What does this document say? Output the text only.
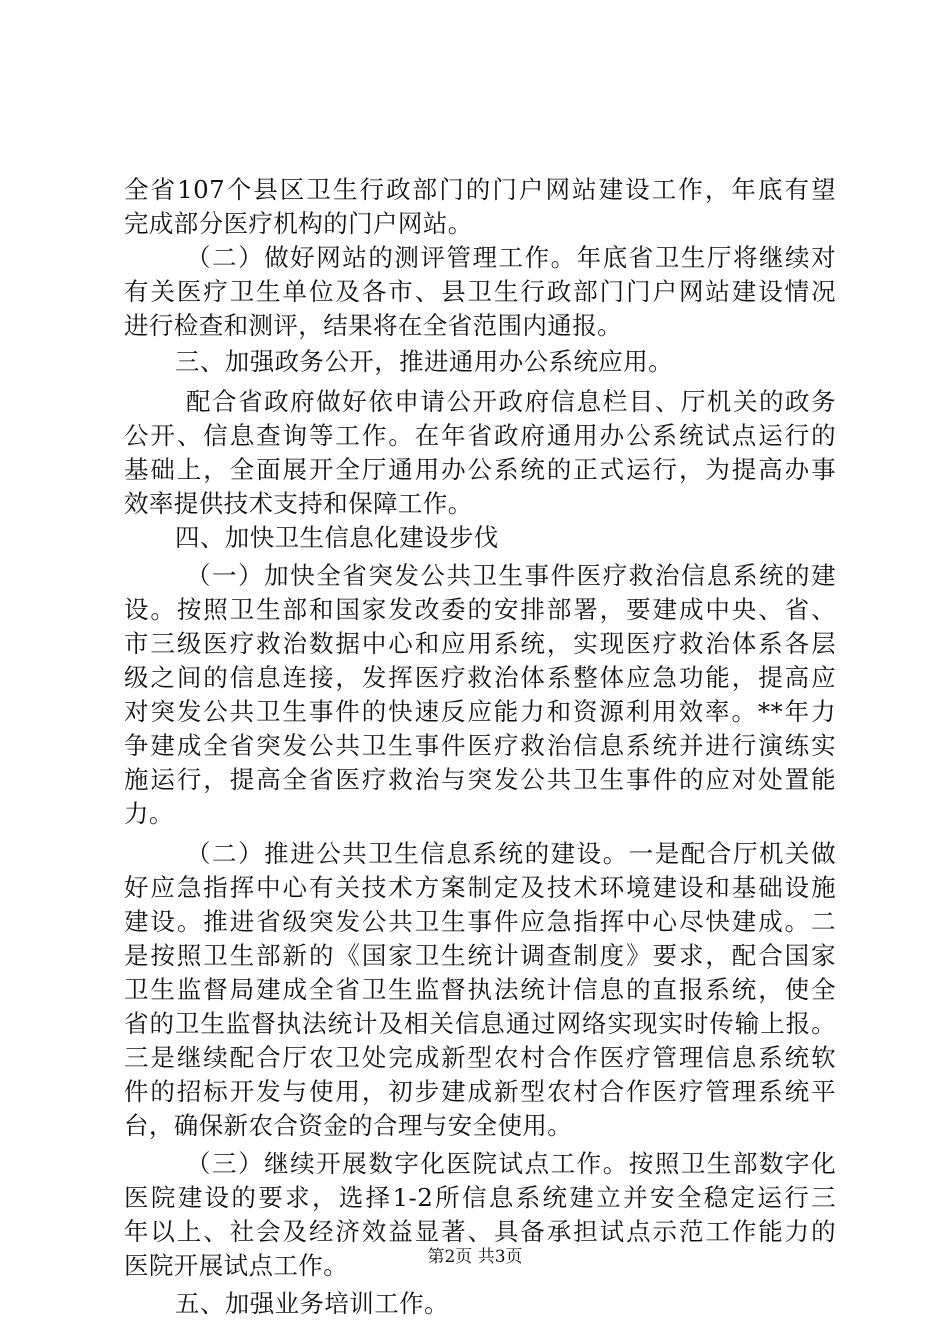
全省107个县区卫生行政部门的门户网站建设工作，年底有望
完成部分医疗机构的门户网站。
（二）做好网站的测评管理工作。年底省卫生厅将继续对
有关医疗卫生单位及各市、县卫生行政部门门户网站建设情况
进行检查和测评，结果将在全省范围内通报。
三、加强政务公开，推进通用办公系统应用。
配合省政府做好依申请公开政府信息栏目、厅机关的政务
公开、信息查询等工作。在年省政府通用办公系统试点运行的
基础上，全面展开全厅通用办公系统的正式运行，为提高办事
效率提供技术支持和保障工作。
四、加快卫生信息化建设步伐
（一）加快全省突发公共卫生事件医疗救治信息系统的建
设。按照卫生部和国家发改委的安排部署，要建成中央、省、
市三级医疗救治数据中心和应用系统，实现医疗救治体系各层
级之间的信息连接，发挥医疗救治体系整体应急功能，提高应
对突发公共卫生事件的快速反应能力和资源利用效率。**年力
争建成全省突发公共卫生事件医疗救治信息系统并进行演练实
施运行，提高全省医疗救治与突发公共卫生事件的应对处置能
力。
（二）推进公共卫生信息系统的建设。一是配合厅机关做
好应急指挥中心有关技术方案制定及技术环境建设和基础设施
建设。推进省级突发公共卫生事件应急指挥中心尽快建成。二
是按照卫生部新的《国家卫生统计调查制度》要求，配合国家
卫生监督局建成全省卫生监督执法统计信息的直报系统，使全
省的卫生监督执法统计及相关信息通过网络实现实时传输上报。
三是继续配合厅农卫处完成新型农村合作医疗管理信息系统软
件的招标开发与使用，初步建成新型农村合作医疗管理系统平
台，确保新农合资金的合理与安全使用。
（三）继续开展数字化医院试点工作。按照卫生部数字化
医院建设的要求，选择1-2所信息系统建立并安全稳定运行三
年以上、社会及经济效益显著、具备承担试点示范工作能力的
医院开展试点工作。
五、加强业务培训工作。
第2页 共3页
